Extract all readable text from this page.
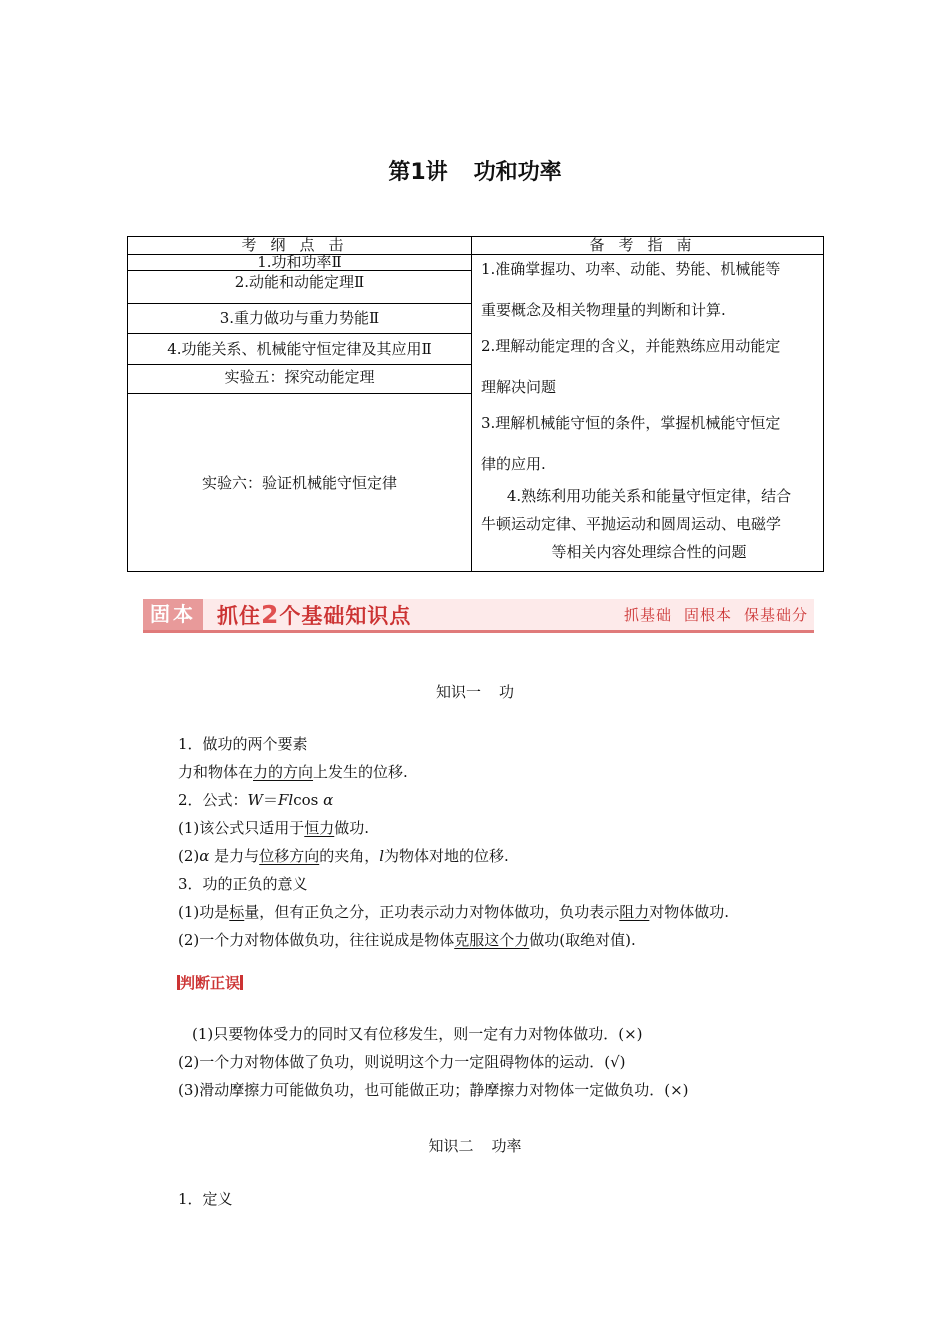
第1讲 功和功率
考纲点击
1.功和功率Ⅱ
2.动能和动能定理Ⅱ
3.重力做功与重力势能Ⅱ
4.功能关系、机械能守恒定律及其应用Ⅱ
实验五：探究动能定理
实验六：验证机械能守恒定律
备考指南
1.准确掌握功、功率、动能、势能、机械能等
重要概念及相关物理量的判断和计算.
2.理解动能定理的含义，并能熟练应用动能定
理解决问题
3.理解机械能守恒的条件，掌握机械能守恒定
律的应用.
4.熟练利用功能关系和能量守恒定律，结合
牛顿运动定律、平抛运动和圆周运动、电磁学
等相关内容处理综合性的问题
固本	抓住2个基础知识点	抓基础 固根本 保基础分
知识一 功
1．做功的两个要素
力和物体在力的方向上发生的位移.
2．公式：W＝Flcos α
(1)该公式只适用于恒力做功.
(2)α 是力与位移方向的夹角，l为物体对地的位移.
3．功的正负的意义
(1)功是标量，但有正负之分，正功表示动力对物体做功，负功表示阻力对物体做功.
(2)一个力对物体做负功，往往说成是物体克服这个力做功(取绝对值).
判断正误
(1)只要物体受力的同时又有位移发生，则一定有力对物体做功．(×)
(2)一个力对物体做了负功，则说明这个力一定阻碍物体的运动．(√)
(3)滑动摩擦力可能做负功，也可能做正功；静摩擦力对物体一定做负功．(×)
知识二 功率
1．定义
